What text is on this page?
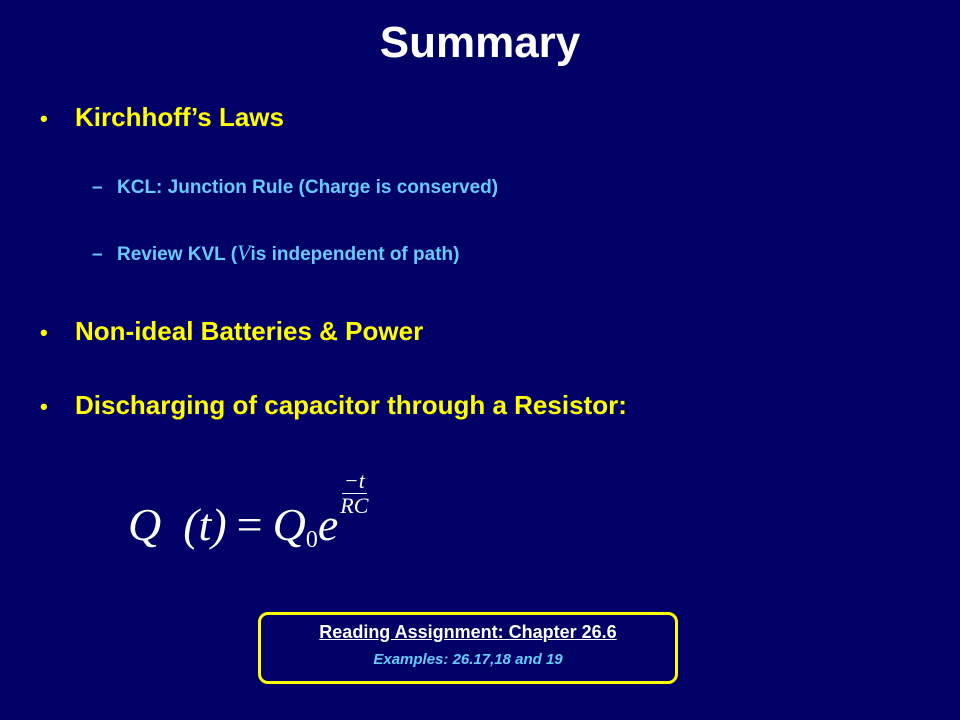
Summary
•	Kirchhoff’s Laws
– KCL: Junction Rule (Charge is conserved)
– Review KVL ( V is independent of path)
•	Non-ideal Batteries & Power
•	Discharging of capacitor through a Resistor:
Q (t) = Q 0 e
$\frac{-t}{RC}$
Reading Assignment: Chapter 26.6
Examples: 26.17,18 and 19
